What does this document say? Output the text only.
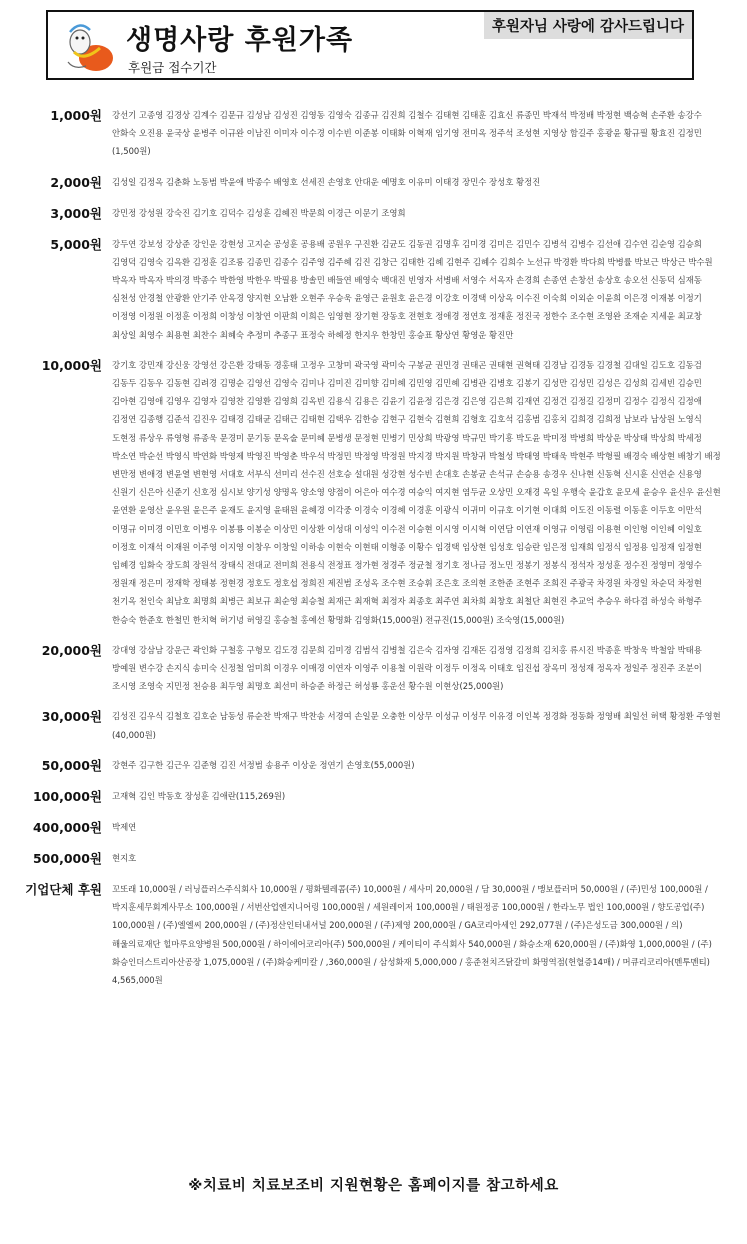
생명사랑 후원가족
후원금 접수기간
후원자님 사랑에 감사드립니다
1,000원	강선기 고종영 김경상 김계수 김문규 김성남 김성진 김영동 김영숙 김종규 김진희 김철수 김태현 김태훈 김효신 류종민 박재석 박정배 박정현 백승혁 손주환 송강수 안화숙 오진용 윤국상 윤병주 이규완 이남진 이미자 이수경 이수빈 이준봉 이태화 이혁재 임기영 전미옥 정주석 조성현 지영상 함길주 홍광윤 황규필 황효진 김정민(1,500원)
2,000원	김성일 김정옥 김춘화 노동범 박윤애 박종수 배영호 선세진 손영호 안대운 예명호 이유미 이태경 장민수 장성호 황정진
3,000원	강민정 강성원 강숙진 김기호 김덕수 김성훈 김혜진 박문희 이경근 이문기 조영희
5,000원	강두연 강보성 강상준 강인운 강현성 고지순 공성훈 공용배 공원우 구진환 김균도 김동권 김명후 김미경 김미은 김민수 김병석 김병수 김선애 김수연 김순영 김승희 김영덕 김영숙 김옥환 김정훈 김조롱 김종민 김종수 김주영 김주혜 김진 김창근 김태한 김혜 김현주 김혜수 김희수 노선규 박경환 박다희 박병률 박보근 박상근 박수원 박옥자 박옥자 박의경 박종수 박한영 박한우 박필용 방솔민 배들연 배영숙 백대진 빈영자 서병배 서영수 서옥자 손경희 손종연 손창선 송상호 송오선 신동덕 심재동 심천성 안경철 안광환 안기주 안옥경 양지현 오남환 오현주 우승욱 윤영근 윤원호 윤은경 이강호 이경택 이상옥 이수진 이숙희 이외순 이윤희 이은경 이재봉 이정기 이정영 이정원 이정훈 이정희 이창성 이창연 이판희 이희은 임영현 장기현 장동호 전현호 정애경 정연호 정재훈 정진국 정한수 조수현 조영완 조재순 지세윤 최교창 최상일 최영수 최용현 최찬수 최혜숙 추정미 추종구 표정숙 하혜정 한지우 한창민 홍승표 황상연 황영운 황진만
10,000원	강기호 강민재 강신웅 강영선 강은환 강태동 경홍태 고정우 고창미 곽국영 곽미숙 구봉균 권민경 권태곤 권태현 권혁태 김경남 김경동 김경철 김대일 김도호 김동검 김동두 김동우 김동현 김려경 김명순 김영선 김영숙 김미나 김미진 김미향 김미혜 김민영 김민혜 김병관 김병호 김봉기 김성만 김성민 김성은 김성희 김세빈 김승민 김아현 김영애 김영우 김영자 김영찬 김영환 김영희 김옥빈 김용식 김용은 김윤기 김윤정 김은경 김은영 김은희 김재연 김정건 김정길 김정미 김정수 김정식 김정애 김정연 김종행 김준석 김진우 김태경 김태균 김태근 김태현 김택우 김한승 김현구 김현숙 김현희 김형호 김호석 김홍범 김홍치 김희경 김희정 남보라 남상원 노영식 도현정 류상우 류영형 류종욱 문경미 문기동 문옥술 문미혜 문병생 문정현 민병기 민상희 박광영 박규민 박기흥 박도윤 박미정 박병희 박상운 박상태 박상희 박세정 박소연 박순선 박영식 박연화 박영제 박영진 박영춘 박우석 박정민 박정영 박정원 박지경 박지원 박창귀 박철성 박태영 박태욱 박현주 박형필 배경숙 배상현 배창기 배정 변만정 변애경 변윤열 변현영 서대호 서부식 선미리 선수진 선호승 설대원 성강현 성수빈 손대호 손봉균 손석규 손승용 송경우 신나현 신동혁 신시훈 신연순 신용영 신원기 신은아 신준기 신호정 심시보 양기성 양명옥 양소영 양점이 어은아 여수경 여승익 여지현 염두균 오상민 오재경 옥일 우행숙 윤갑호 윤모세 윤승우 윤신우 윤신현 윤연환 윤영산 윤우원 윤은주 윤재도 윤지영 윤태원 윤혜경 이각중 이경숙 이경혜 이경훈 이광식 이귀미 이규호 이기현 이대희 이도진 이동렬 이동훈 이두호 이만석 이명규 이미경 이민호 이병우 이봉룡 이봉순 이상민 이상환 이성대 이성익 이수전 이승현 이시영 이시혁 이연담 이연재 이영규 이영림 이용현 이인형 이인혜 이일호 이정호 이재석 이재원 이주영 이지영 이창우 이창일 이하송 이현숙 이현태 이형종 이황수 임경택 임상현 임성호 임승란 임은정 임재희 임정식 임정용 임정재 임정현 임혜경 임화숙 장도희 장원석 장태식 전대교 전미희 전용식 전정표 정가현 정경주 정균철 정기호 정나금 정노민 정봉기 정봉식 정석자 정성훈 정수진 정영미 정영수 정원재 정은미 정재학 정태봉 정현경 정호도 정호섭 정희진 제진범 조성옥 조수현 조승휘 조은호 조의현 조한준 조현주 조희진 주광국 차경원 차경일 차순덕 차정현 천기옥 천인숙 최남호 최명희 최병근 최보규 최순영 최승철 최재근 최재혁 최정자 최종호 최주연 최차희 최창호 최철단 최현진 추교억 추승우 하다겸 하성숙 하형주 한승숙 한준호 한철민 한치혁 허기녕 허영길 홍승철 홍예선 황명화 김영화(15,000원) 전규진(15,000원) 조숙영(15,000원)
20,000원	강대영 강삼남 강운근 곽인화 구철홍 구형모 김도경 김문희 김미경 김범석 김병철 김은숙 김자영 김재돈 김정영 김정희 김치홍 류시진 박종훈 박창욱 박철암 박태용 방예원 변수강 손지식 송미숙 신정철 엄미희 이경우 이매경 이연자 이영주 이용철 이원락 이정두 이정옥 이태호 임진섭 장옥미 정성재 정옥자 정일주 정진주 조분이 조시영 조영숙 지민정 천승용 최두영 최명호 최선미 하승준 하정근 허성룡 홍운선 황수원 이현상(25,000원)
30,000원	김성진 김우식 김철호 김호순 남동성 류순찬 박재구 박찬송 서경여 손일문 오충한 이상무 이성규 이성무 이유경 이인복 정경화 정동화 정영배 최일선 허택 황정환 주영현(40,000원)
50,000원	강현주 김구한 김근우 김준형 김진 서정범 송용주 이상운 정연기 손영호(55,000원)
100,000원	고재혁 김인 박동호 장성훈 김애란(115,269원)
400,000원	박제연
500,000원	현지호
기업단체 후원	꼬또래 10,000원 / 러닝플러스주식회사 10,000원 / 평화텔레콤(주) 10,000원 / 세사미 20,000원 / 담 30,000원 / 맹보플러머 50,000원 / (주)민성 100,000원 / 박지훈세무회계사무소 100,000원 / 서번산업엔지니어링 100,000원 / 세원레이저 100,000원 / 태원정공 100,000원 / 한라노무 법인 100,000원 / 향도공업(주) 100,000원 / (주)엘엘씨 200,000원 / (주)정산인터내셔널 200,000원 / (주)제영 200,000원 / GA코리아세인 292,077원 / (주)은성도금 300,000원 / 의)해울의료재단 힐마루요양병원 500,000원 / 하이에어코리아(주) 500,000원 / 케이티이 주식회사 540,000원 / 화승소재 620,000원 / (주)화영 1,000,000원 / (주)화승인더스트리아산공장 1,075,000원 / (주)화승케미칼 / ,360,000원 / 삼성화재 5,000,000 / 홍준천치즈닭갈비 화명역점(헌혈증14매) / 머큐리코리아(멘투멘티) 4,565,000원
※치료비 치료보조비 지원현황은 홈페이지를 참고하세요
